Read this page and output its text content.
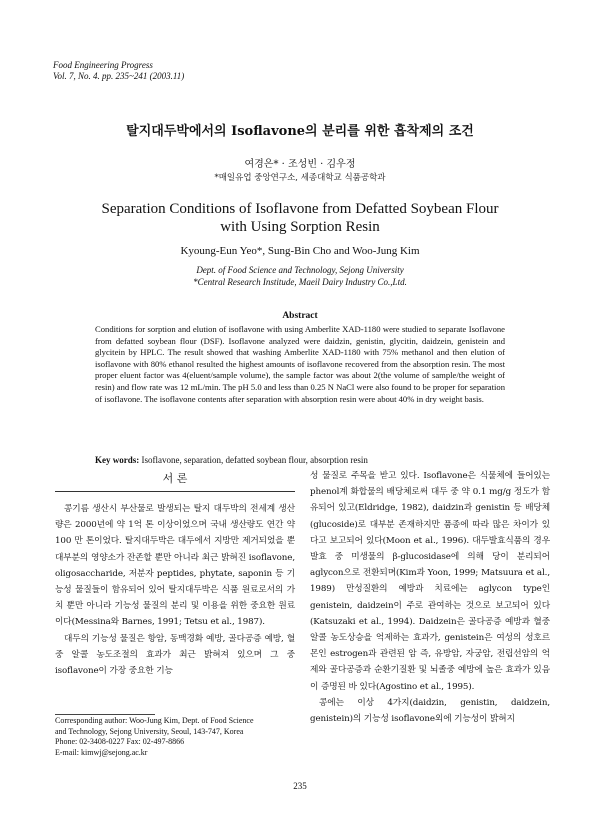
Food Engineering Progress
Vol. 7, No. 4. pp. 235~241 (2003.11)
탈지대두박에서의 Isoflavone의 분리를 위한 흡착제의 조건
여경은* · 조성빈 · 김우정
*매일유업 중앙연구소, 세종대학교 식품공학과
Separation Conditions of Isoflavone from Defatted Soybean Flour with Using Sorption Resin
Kyoung-Eun Yeo*, Sung-Bin Cho and Woo-Jung Kim
Dept. of Food Science and Technology, Sejong University
*Central Research Institude, Maeil Dairy Industry Co.,Ltd.
Abstract
Conditions for sorption and elution of isoflavone with using Amberlite XAD-1180 were studied to separate Isoflavone from defatted soybean flour (DSF). Isoflavone analyzed were daidzin, genistin, glycitin, daidzein, genistein and glycitein by HPLC. The result showed that washing Amberlite XAD-1180 with 75% methanol and then elution of isoflavone with 80% ethanol resulted the highest amounts of isoflavone recovered from the absorption resin. The most proper eluent factor was 4(eluent/sample volume), the sample factor was about 2(the volume of sample/the weight of resin) and flow rate was 12 mL/min. The pH 5.0 and less than 0.25 N NaCl were also found to be proper for separation of isoflavone. The isoflavone contents after separation with absorption resin were about 40% in dry weight basis.
Key words: Isoflavone, separation, defatted soybean flour, absorption resin
서 론

콩기름 생산시 부산물로 발생되는 탈지 대두박의 전세계 생산량은 2000년에 약 1억 톤 이상이었으며 국내 생산량도 연간 약 100 만 톤이었다. 탈지대두박은 대두에서 지방만 제거되었을 뿐 대부분의 영양소가 잔존할 뿐만 아니라 최근 밝혀진 isoflavone, oligosaccharide, 저분자 peptides, phytate, saponin 등 기능성 물질들이 함유되어 있어 탈지대두박은 식품 원료로서의 가치 뿐만 아니라 기능성 물질의 분리 및 이용을 위한 중요한 원료이다(Messina와 Barnes, 1991; Tetsu et al., 1987).

대두의 기능성 물질은 항암, 동맥경화 예방, 골다공증 예방, 혈중 알콜 농도조절의 효과가 최근 밝혀져 있으며 그 중 isoflavone이 가장 중요한 기능

성 물질로 주목을 받고 있다. Isoflavone은 식물체에 들어있는 phenol계 화합물의 배당체로써 대두 중 약 0.1 mg/g 정도가 함유되어 있고(Eldridge, 1982), daidzin과 genistin 등 배당체(glucoside)로 대부분 존재하지만 품종에 따라 많은 차이가 있다고 보고되어 있다(Moon et al., 1996). 대두발효식품의 경우 발효 중 미생물의 β-glucosidase에 의해 당이 분리되어 aglycon으로 전환되며(Kim과 Yoon, 1999; Matsuura et al., 1989) 만성질환의 예방과 치료에는 aglycon type인 genistein, daidzein이 주로 관여하는 것으로 보고되어 있다(Katsuzaki et al., 1994). Daidzein은 골다공증 예방과 혈중 알콜 농도상승을 억제하는 효과가, genistein은 여성의 성호르몬인 estrogen과 관련된 암 즉, 유방암, 자궁암, 전립선암의 억제와 골다공증과 순환기질환 및 뇌졸중 예방에 높은 효과가 있음이 증명된 바 있다(Agostino et al., 1995).

콩에는 이상 4가지(daidzin, genistin, daidzein, genistein)의 기능성 isoflavone외에 기능성이 밝혀지

Corresponding author: Woo-Jung Kim, Dept. of Food Science
and Technology, Sejong University, Seoul, 143-747, Korea
Phone: 02-3408-0227 Fax: 02-497-8866
E-mail: kimwj@sejong.ac.kr
235
